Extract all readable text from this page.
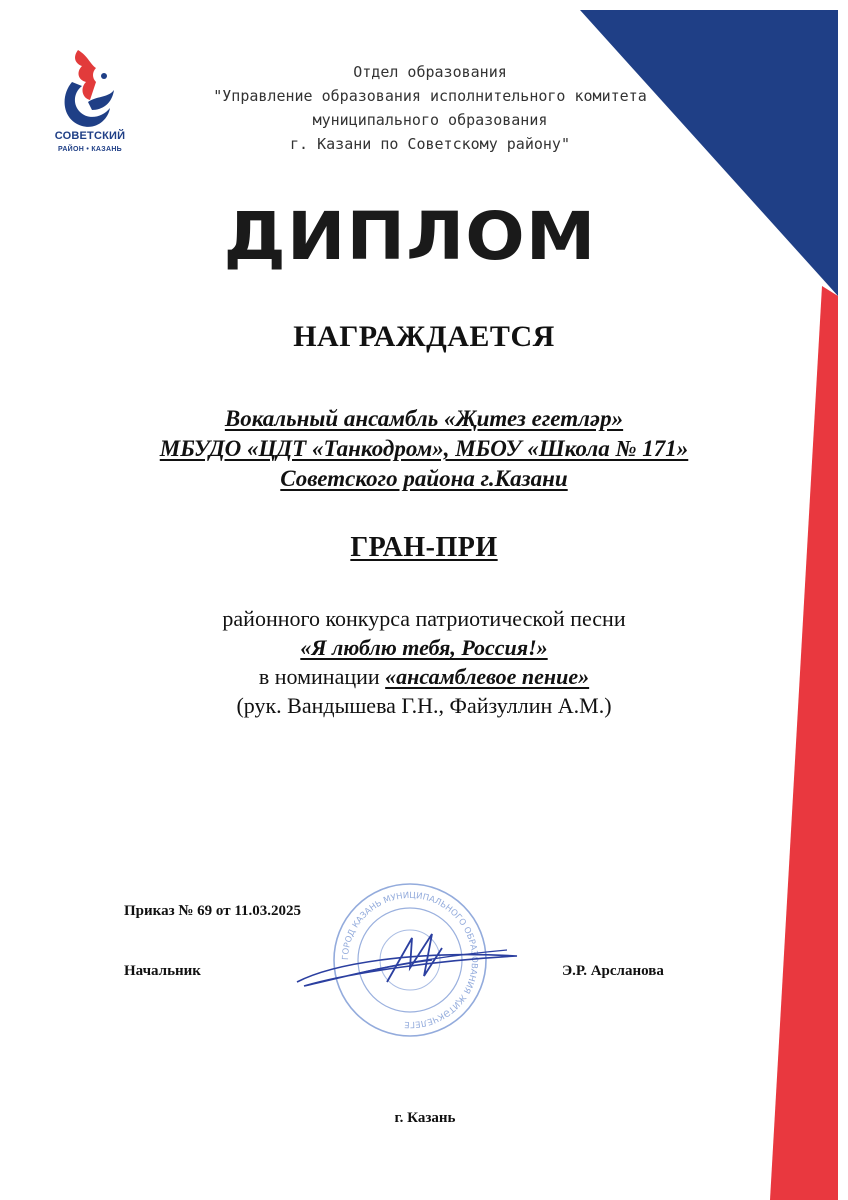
СОВЕТСКИЙ
РАЙОН • КАЗАНЬ
Отдел образования
"Управление образования исполнительного комитета
муниципального образования
г. Казани по Советскому району"
ДИПЛОМ
НАГРАЖДАЕТСЯ
Вокальный ансамбль «Җитез егетләр»
МБУДО «ЦДТ «Танкодром», МБОУ «Школа № 171»
Советского района г.Казани
ГРАН-ПРИ
районного конкурса патриотической песни
«Я люблю тебя, Россия!»
в номинации «ансамблевое пение»
(рук. Вандышева Г.Н., Файзуллин А.М.)
Приказ № 69 от 11.03.2025
Начальник	Э.Р. Арсланова
ГОРОД КАЗАНЬ МУНИЦИПАЛЬНОГО ОБРАЗОВАНИЯ ҖИТӘКЧЕЛЕГЕ
г. Казань
